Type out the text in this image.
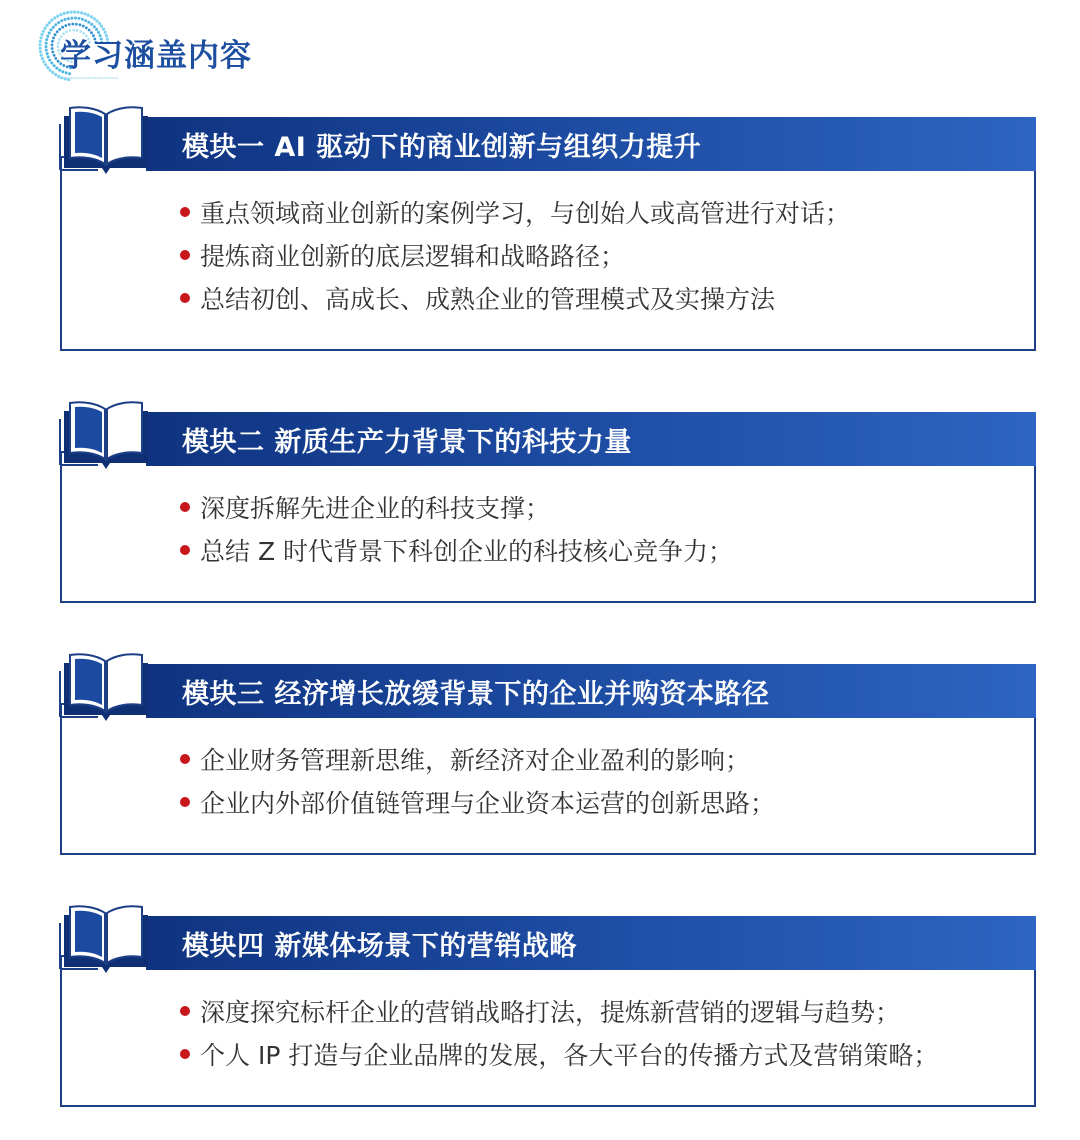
学习涵盖内容
重点领域商业创新的案例学习，与创始人或高管进行对话；
提炼商业创新的底层逻辑和战略路径；
总结初创、高成长、成熟企业的管理模式及实操方法
模块一 AI 驱动下的商业创新与组织力提升
深度拆解先进企业的科技支撑；
总结 Z 时代背景下科创企业的科技核心竞争力；
模块二 新质生产力背景下的科技力量
企业财务管理新思维，新经济对企业盈利的影响；
企业内外部价值链管理与企业资本运营的创新思路；
模块三 经济增长放缓背景下的企业并购资本路径
深度探究标杆企业的营销战略打法，提炼新营销的逻辑与趋势；
个人 IP 打造与企业品牌的发展，各大平台的传播方式及营销策略；
模块四 新媒体场景下的营销战略
